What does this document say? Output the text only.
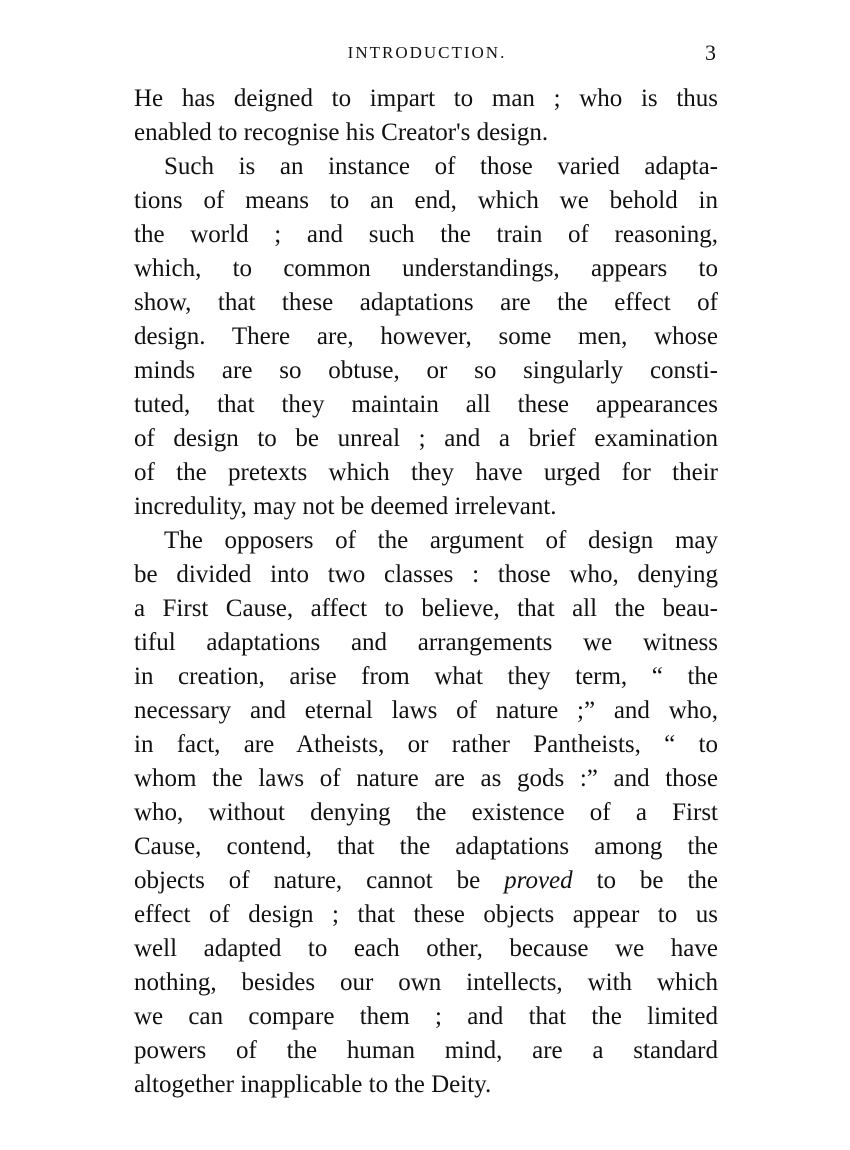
INTRODUCTION.	3

He has deigned to impart to man ; who is thus
enabled to recognise his Creator's design.

Such is an instance of those varied adapta-
tions of means to an end, which we behold in
the world ; and such the train of reasoning,
which, to common understandings, appears to
show, that these adaptations are the effect of
design. There are, however, some men, whose
minds are so obtuse, or so singularly consti-
tuted, that they maintain all these appearances
of design to be unreal ; and a brief examination
of the pretexts which they have urged for their
incredulity, may not be deemed irrelevant.

The opposers of the argument of design may
be divided into two classes : those who, denying
a First Cause, affect to believe, that all the beau-
tiful adaptations and arrangements we witness
in creation, arise from what they term, “ the
necessary and eternal laws of nature ;” and who,
in fact, are Atheists, or rather Pantheists, “ to
whom the laws of nature are as gods :” and those
who, without denying the existence of a First
Cause, contend, that the adaptations among the
objects of nature, cannot be proved to be the
effect of design ; that these objects appear to us
well adapted to each other, because we have
nothing, besides our own intellects, with which
we can compare them ; and that the limited
powers of the human mind, are a standard
altogether inapplicable to the Deity.
